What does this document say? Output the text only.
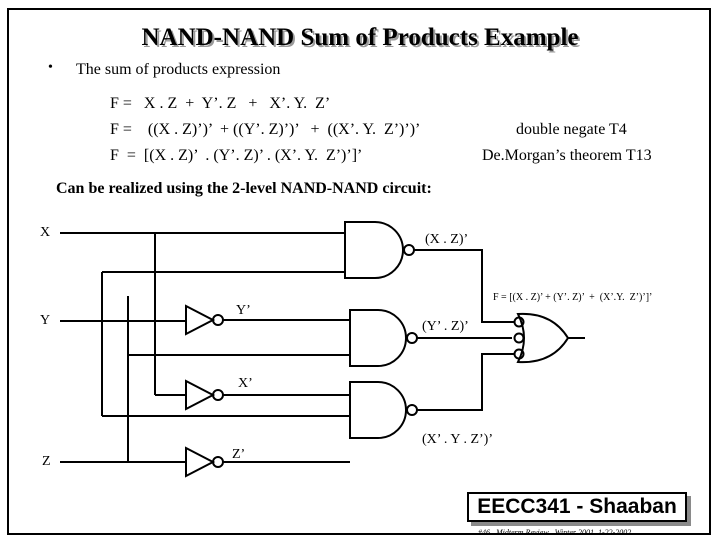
NAND-NAND Sum of Products Example
• The sum of products expression
F =   X . Z  +  Y’. Z   +   X’. Y.  Z’
F =    ((X . Z)’)’  + ((Y’. Z)’)’   +  ((X’. Y.  Z’)’)’	double negate T4
F  =  [(X . Z)’  . (Y’. Z)’ . (X’. Y.  Z’)’]’	De.Morgan’s theorem T13
Can be realized using the 2-level NAND-NAND circuit:
X
Y
Z
Y’
X’
Z’
(X . Z)’
(Y’ . Z)’
(X’ . Y . Z’)’
F = [(X . Z)’ + (Y’. Z)’  +  (X’.Y.  Z’)’]’
EECC341 - Shaaban
#46   Midterm Review   Winter 2001  1-22-2002
